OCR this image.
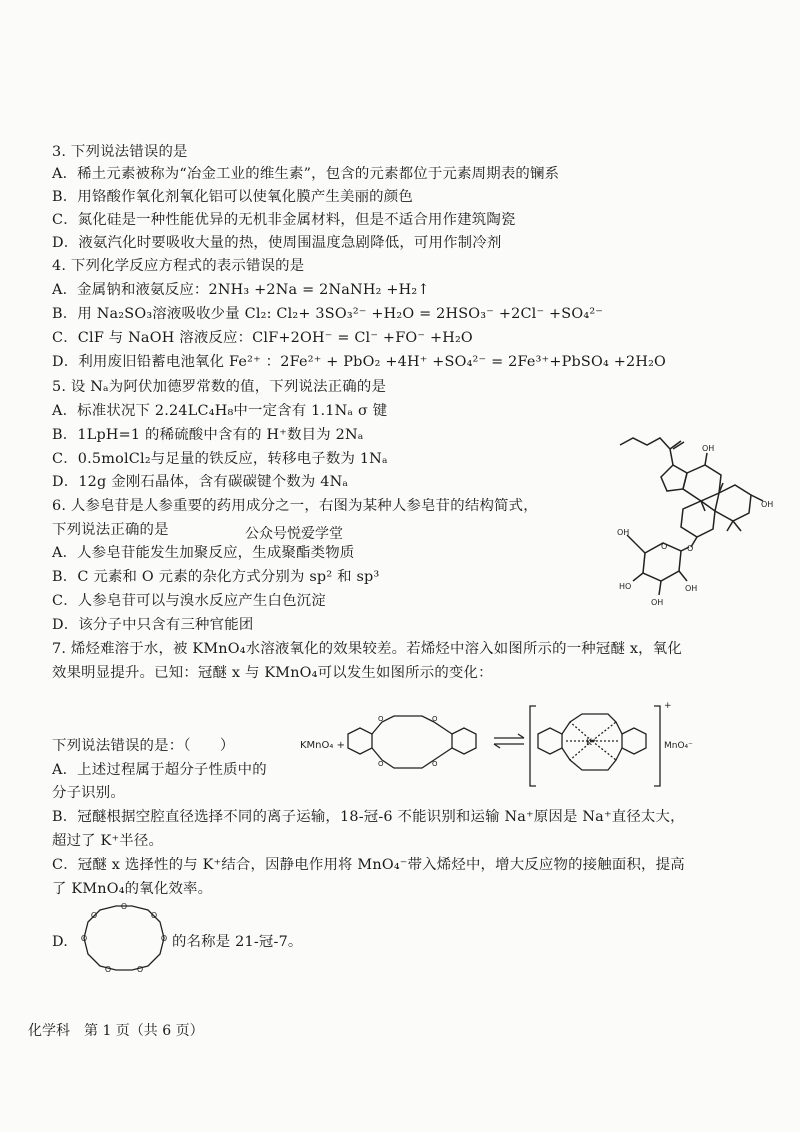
3. 下列说法错误的是
A．稀土元素被称为“冶金工业的维生素”，包含的元素都位于元素周期表的镧系
B．用铬酸作氧化剂氧化铝可以使氧化膜产生美丽的颜色
C．氮化硅是一种性能优异的无机非金属材料，但是不适合用作建筑陶瓷
D．液氨汽化时要吸收大量的热，使周围温度急剧降低，可用作制冷剂
4. 下列化学反应方程式的表示错误的是
A．金属钠和液氨反应：2NH₃ +2Na = 2NaNH₂ +H₂↑
B．用 Na₂SO₃溶液吸收少量 Cl₂: Cl₂+ 3SO₃²⁻ +H₂O = 2HSO₃⁻ +2Cl⁻ +SO₄²⁻
C．ClF 与 NaOH 溶液反应：ClF+2OH⁻ = Cl⁻ +FO⁻ +H₂O
D．利用废旧铅蓄电池氧化 Fe²⁺ ：2Fe²⁺ + PbO₂ +4H⁺ +SO₄²⁻ = 2Fe³⁺+PbSO₄ +2H₂O
5. 设 Nₐ为阿伏加德罗常数的值，下列说法正确的是
A．标准状况下 2.24LC₄H₈中一定含有 1.1Nₐ σ 键
B．1LpH=1 的稀硫酸中含有的 H⁺数目为 2Nₐ
C．0.5molCl₂与足量的铁反应，转移电子数为 1Nₐ
D．12g 金刚石晶体，含有碳碳键个数为 4Nₐ
6. 人参皂苷是人参重要的药用成分之一，右图为某种人参皂苷的结构简式，
下列说法正确的是	公众号悦爱学堂
A．人参皂苷能发生加聚反应，生成聚酯类物质
B．C 元素和 O 元素的杂化方式分别为 sp² 和 sp³
C．人参皂苷可以与溴水反应产生白色沉淀
D．该分子中只含有三种官能团
OH
OH
O
O
OH
HO
OH
OH
7. 烯烃难溶于水，被 KMnO₄水溶液氧化的效果较差。若烯烃中溶入如图所示的一种冠醚 x，氧化
效果明显提升。已知：冠醚 x 与 KMnO₄可以发生如图所示的变化：
KMnO₄ +
O	O
O	O
K⁺
+
MnO₄⁻
下列说法错误的是：（　　）
A．上述过程属于超分子性质中的
分子识别。
B．冠醚根据空腔直径选择不同的离子运输，18-冠-6 不能识别和运输 Na⁺原因是 Na⁺直径太大，
超过了 K⁺半径。
C．冠醚 x 选择性的与 K⁺结合，因静电作用将 MnO₄⁻带入烯烃中，增大反应物的接触面积，提高
了 KMnO₄的氧化效率。
D.
O
O	O
O	O
O	O
的名称是 21-冠-7。
化学科　第 1 页（共 6 页）
